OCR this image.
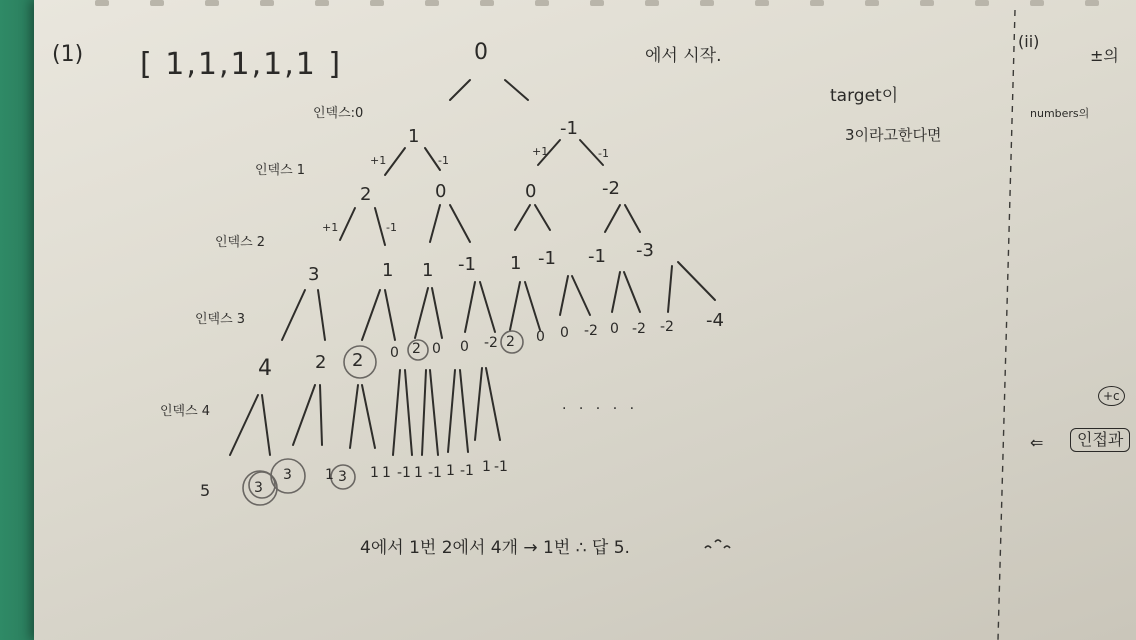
(1) [ 1,1,1,1,1 ]	0	에서 시작.
target이
3이라고한다면
인덱스:0
인덱스 1
인덱스 2
인덱스 3
인덱스 4
5
+1	-1
+1	-1
+1	-1
1	-1
2	0	0	-2
3	1 1 -1 1 -1 -1 -3
4 2 2 0 2 0 0 -2 2 0 0 -2 0 -2 -2 -4
3
3 1 3 1 1 -1 1 -1 1 -1 1 -1
. . . . .
4에서 1번 2에서 4개 → 1번 ∴ 답 5.
(ii)
±의
numbers의
+c
⇐	인접과
